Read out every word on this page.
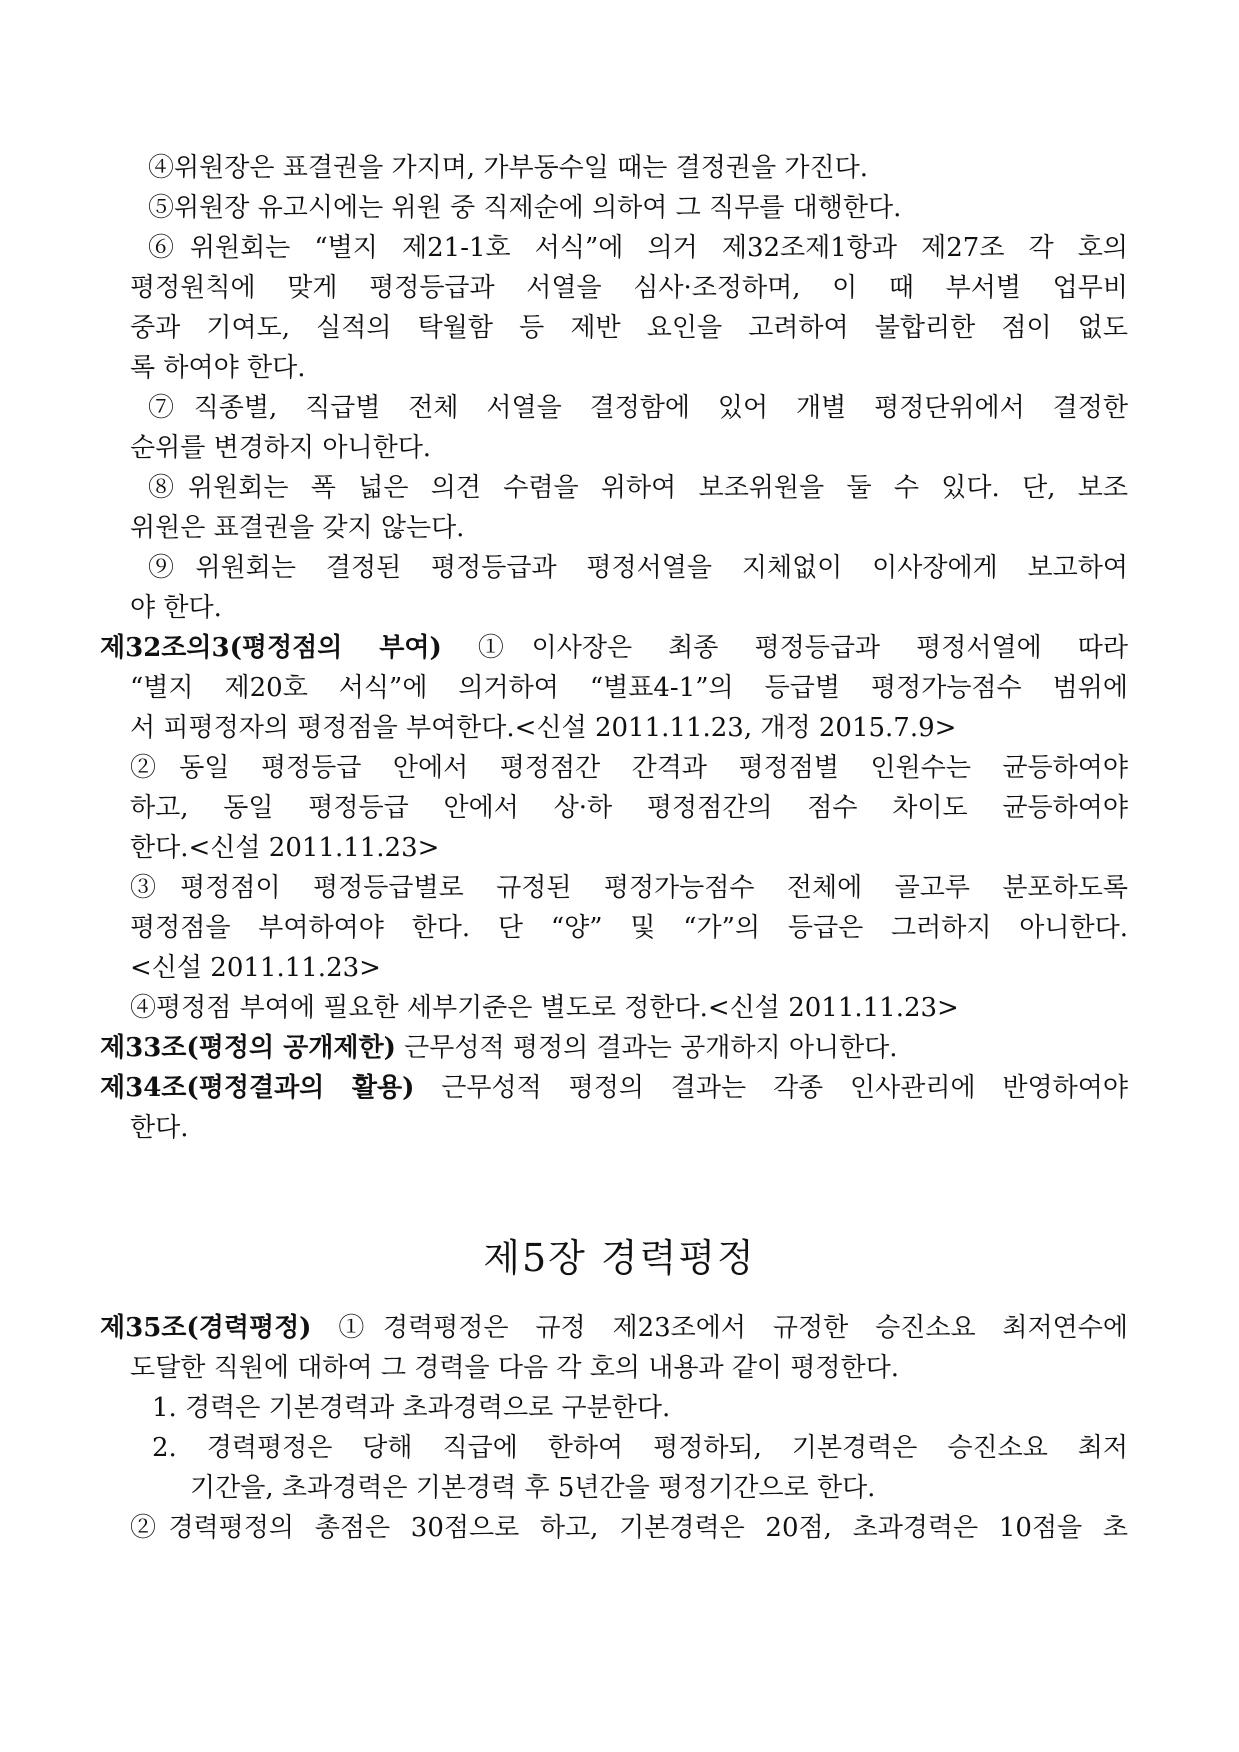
④위원장은 표결권을 가지며, 가부동수일 때는 결정권을 가진다.
⑤위원장 유고시에는 위원 중 직제순에 의하여 그 직무를 대행한다.
⑥위원회는 “별지 제21-1호 서식”에 의거 제32조제1항과 제27조 각 호의
평정원칙에 맞게 평정등급과 서열을 심사·조정하며, 이 때 부서별 업무비
중과 기여도, 실적의 탁월함 등 제반 요인을 고려하여 불합리한 점이 없도
록 하여야 한다.
⑦직종별, 직급별 전체 서열을 결정함에 있어 개별 평정단위에서 결정한
순위를 변경하지 아니한다.
⑧위원회는 폭 넓은 의견 수렴을 위하여 보조위원을 둘 수 있다. 단, 보조
위원은 표결권을 갖지 않는다.
⑨위원회는 결정된 평정등급과 평정서열을 지체없이 이사장에게 보고하여
야 한다.
제32조의3(평정점의 부여) ①이사장은 최종 평정등급과 평정서열에 따라
“별지 제20호 서식”에 의거하여 “별표4-1”의 등급별 평정가능점수 범위에
서 피평정자의 평정점을 부여한다.<신설 2011.11.23, 개정 2015.7.9>
②동일 평정등급 안에서 평정점간 간격과 평정점별 인원수는 균등하여야
하고, 동일 평정등급 안에서 상·하 평정점간의 점수 차이도 균등하여야
한다.<신설 2011.11.23>
③평정점이 평정등급별로 규정된 평정가능점수 전체에 골고루 분포하도록
평정점을 부여하여야 한다. 단 “양” 및 “가”의 등급은 그러하지 아니한다.
<신설 2011.11.23>
④평정점 부여에 필요한 세부기준은 별도로 정한다.<신설 2011.11.23>
제33조(평정의 공개제한) 근무성적 평정의 결과는 공개하지 아니한다.
제34조(평정결과의 활용) 근무성적 평정의 결과는 각종 인사관리에 반영하여야
한다.
제5장 경력평정
제35조(경력평정) ①경력평정은 규정 제23조에서 규정한 승진소요 최저연수에
도달한 직원에 대하여 그 경력을 다음 각 호의 내용과 같이 평정한다.
1. 경력은 기본경력과 초과경력으로 구분한다.
2. 경력평정은 당해 직급에 한하여 평정하되, 기본경력은 승진소요 최저
기간을, 초과경력은 기본경력 후 5년간을 평정기간으로 한다.
②경력평정의 총점은 30점으로 하고, 기본경력은 20점, 초과경력은 10점을 초
